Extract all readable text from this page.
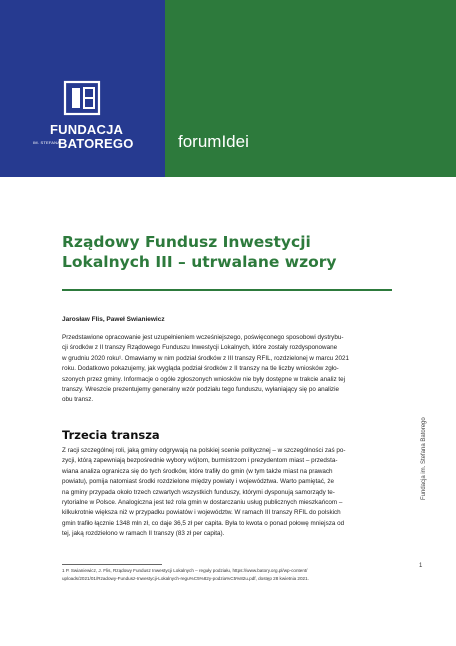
FUNDACJA
IM. STEFANA
BATOREGO	forumIdei
Rządowy Fundusz Inwestycji
Lokalnych III – utrwalane wzory
Jarosław Flis, Paweł Swianiewicz
Przedstawione opracowanie jest uzupełnieniem wcześniejszego, poświęconego sposobowi dystrybu-
cji środków z II transzy Rządowego Funduszu Inwestycji Lokalnych, które zostały rozdysponowane
w grudniu 2020 roku¹. Omawiamy w nim podział środków z III transzy RFIL, rozdzielonej w marcu 2021
roku. Dodatkowo pokazujemy, jak wygląda podział środków z II transzy na tle liczby wniosków zgło-
szonych przez gminy. Informacje o ogóle zgłoszonych wniosków nie były dostępne w trakcie analiz tej
transzy. Wreszcie prezentujemy generalny wzór podziału tego funduszu, wyłaniający się po analizie
obu transz.
Trzecia transza
Z racji szczególnej roli, jaką gminy odgrywają na polskiej scenie politycznej – w szczególności zaś po-
zycji, którą zapewniają bezpośrednie wybory wójtom, burmistrzom i prezydentom miast – przedsta-
wiana analiza ogranicza się do tych środków, które trafiły do gmin (w tym także miast na prawach
powiatu), pomija natomiast środki rozdzielone między powiaty i województwa. Warto pamiętać, że
na gminy przypada około trzech czwartych wszystkich funduszy, którymi dysponują samorządy te-
rytorialne w Polsce. Analogiczna jest też rola gmin w dostarczaniu usług publicznych mieszkańcom –
kilkukrotnie większa niż w przypadku powiatów i województw. W ramach III transzy RFIL do polskich
gmin trafiło łącznie 1348 mln zł, co daje 36,5 zł per capita. Była to kwota o ponad połowę mniejsza od
tej, jaką rozdzielono w ramach II transzy (83 zł per capita).
Fundacja im. Stefana Batorego
1 P. Swianiewicz, J. Flis, Rządowy Fundusz Inwestycji Lokalnych – reguły podziału, https://www.batory.org.pl/wp-content/
uploads/2021/01/Rzadowy-Fundusz-Inwestycji-Lokalnych-regu%C5%82y-podzia%C5%82u.pdf, dostęp 28 kwietnia 2021.
1
